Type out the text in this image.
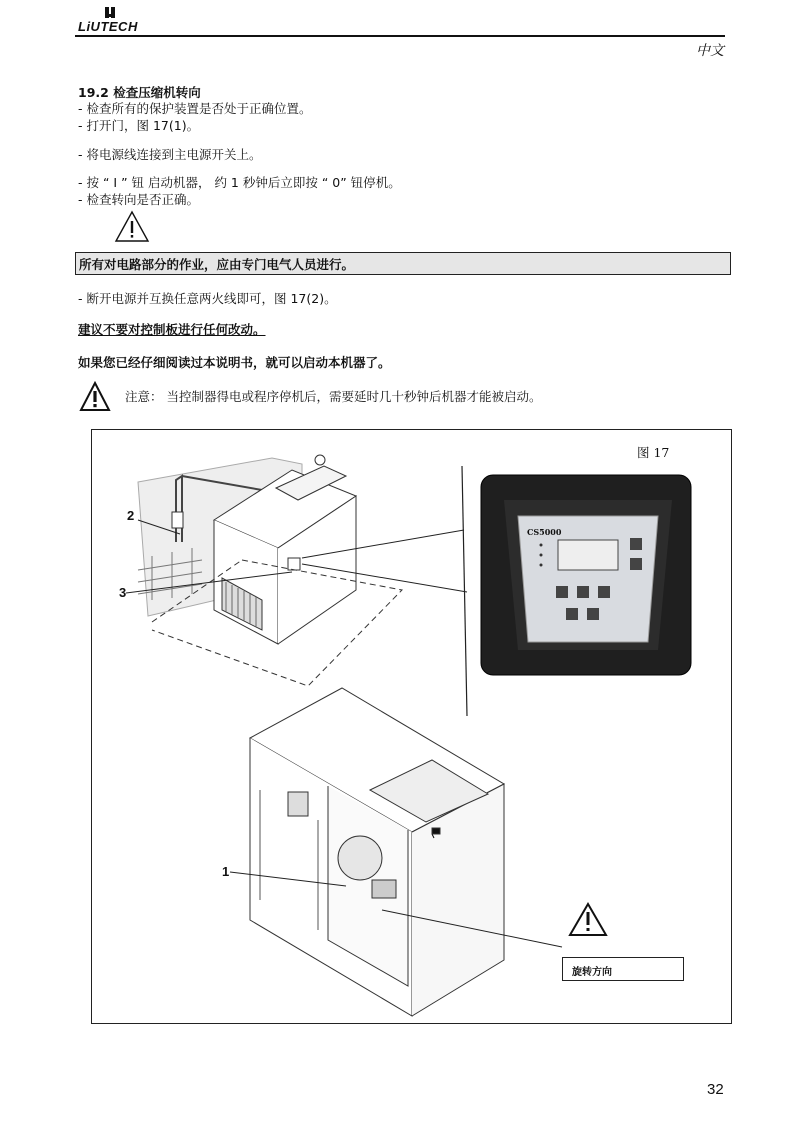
LiUTECH
中文
19.2 检查压缩机转向
- 检查所有的保护装置是否处于正确位置。
- 打开门，图 17(1)。
- 将电源线连接到主电源开关上。
- 按 “ I ” 钮 启动机器， 约 1 秒钟后立即按 “ 0” 钮停机。
- 检查转向是否正确。
所有对电路部分的作业，应由专门电气人员进行。
- 断开电源并互换任意两火线即可，图 17(2)。
建议不要对控制板进行任何改动。
如果您已经仔细阅读过本说明书，就可以启动本机器了。
注意： 当控制器得电或程序停机后，需要延时几十秒钟后机器才能被启动。
图 17
CS5000
2
3
1
旋转方向
32
